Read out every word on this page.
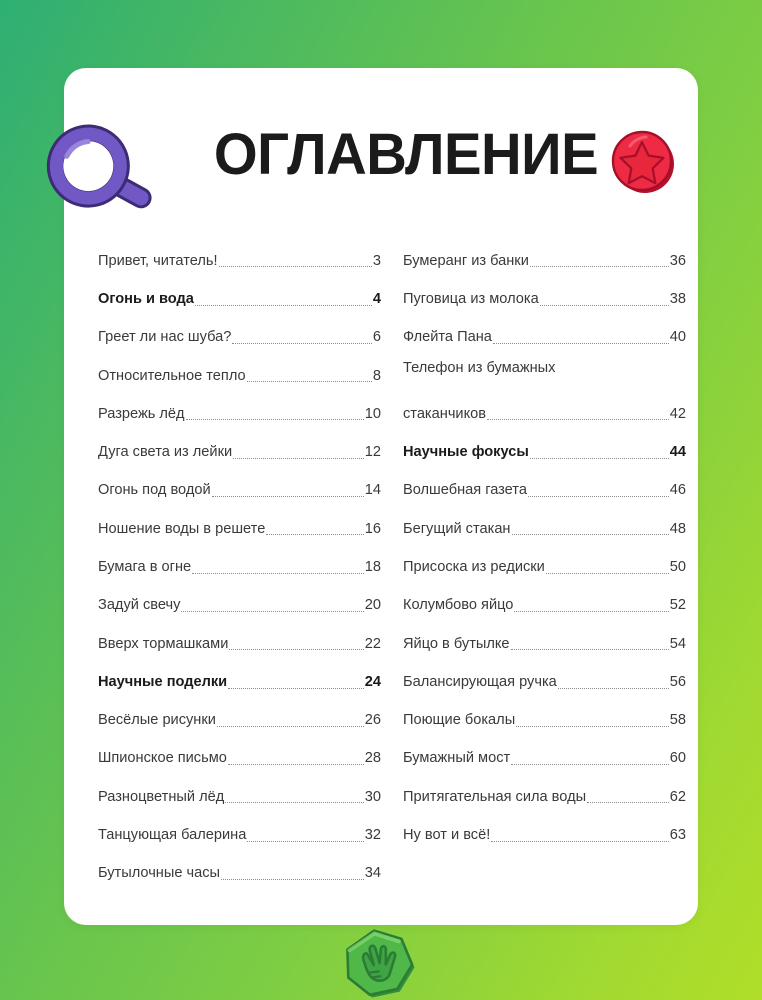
ОГЛАВЛЕНИЕ
Привет, читатель!	3
Огонь и вода	4
Греет ли нас шуба?	6
Относительное тепло	8
Разрежь лёд	10
Дуга света из лейки	12
Огонь под водой	14
Ношение воды в решете	16
Бумага в огне	18
Задуй свечу	20
Вверх тормашками	22
Научные поделки	24
Весёлые рисунки	26
Шпионское письмо	28
Разноцветный лёд	30
Танцующая балерина	32
Бутылочные часы	34
Бумеранг из банки	36
Пуговица из молока	38
Флейта Пана	40
Телефон из бумажных
стаканчиков	42
Научные фокусы	44
Волшебная газета	46
Бегущий стакан	48
Присоска из редиски	50
Колумбово яйцо	52
Яйцо в бутылке	54
Балансирующая ручка	56
Поющие бокалы	58
Бумажный мост	60
Притягательная сила воды	62
Ну вот и всё!	63
